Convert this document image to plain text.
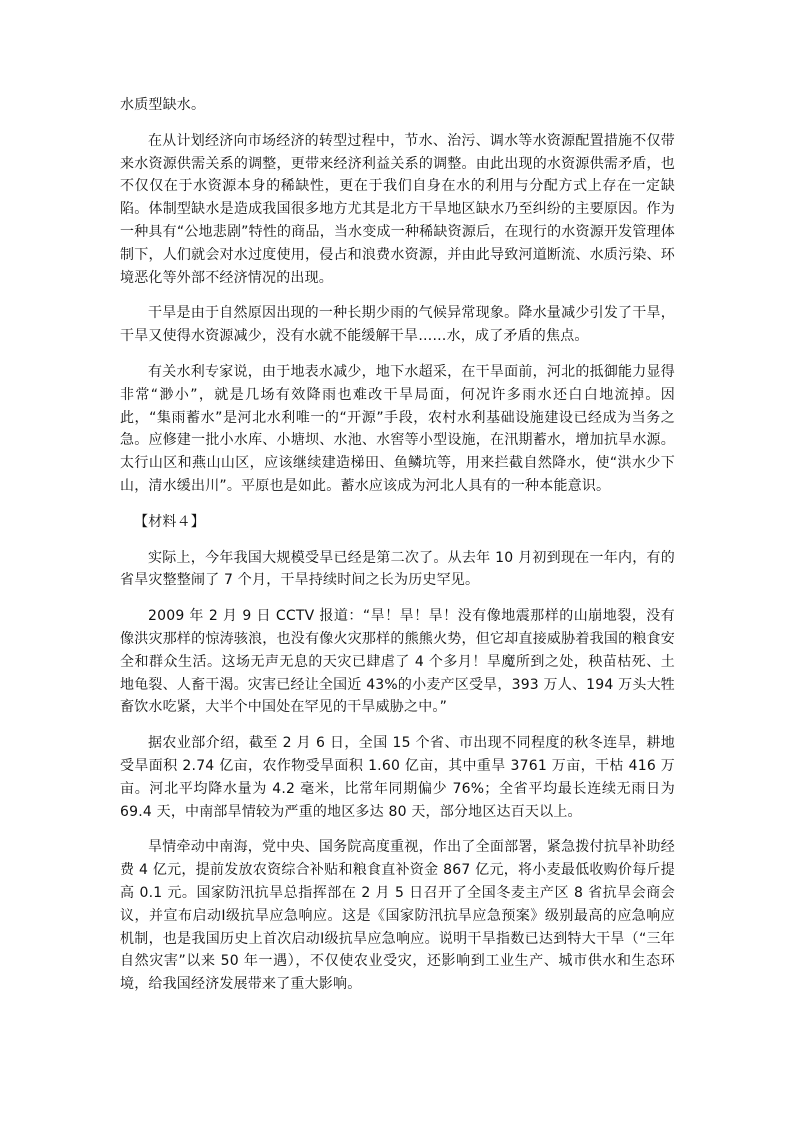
水质型缺水。

在从计划经济向市场经济的转型过程中，节水、治污、调水等水资源配置措施不仅带来水资源供需关系的调整，更带来经济利益关系的调整。由此出现的水资源供需矛盾，也不仅仅在于水资源本身的稀缺性，更在于我们自身在水的利用与分配方式上存在一定缺陷。体制型缺水是造成我国很多地方尤其是北方干旱地区缺水乃至纠纷的主要原因。作为一种具有“公地悲剧”特性的商品，当水变成一种稀缺资源后，在现行的水资源开发管理体制下，人们就会对水过度使用，侵占和浪费水资源，并由此导致河道断流、水质污染、环境恶化等外部不经济情况的出现。

干旱是由于自然原因出现的一种长期少雨的气候异常现象。降水量减少引发了干旱，干旱又使得水资源减少，没有水就不能缓解干旱……水，成了矛盾的焦点。

有关水利专家说，由于地表水减少，地下水超采，在干旱面前，河北的抵御能力显得非常“渺小”，就是几场有效降雨也难改干旱局面，何况许多雨水还白白地流掉。因此，“集雨蓄水”是河北水利唯一的“开源”手段，农村水利基础设施建设已经成为当务之急。应修建一批小水库、小塘坝、水池、水窖等小型设施，在汛期蓄水，增加抗旱水源。太行山区和燕山山区，应该继续建造梯田、鱼鳞坑等，用来拦截自然降水，使“洪水少下山，清水缓出川”。平原也是如此。蓄水应该成为河北人具有的一种本能意识。

【材料４】

实际上，今年我国大规模受旱已经是第二次了。从去年 10 月初到现在一年内，有的省旱灾整整闹了 7 个月，干旱持续时间之长为历史罕见。

2009 年 2 月 9 日 CCTV 报道：“旱！旱！旱！没有像地震那样的山崩地裂，没有像洪灾那样的惊涛骇浪，也没有像火灾那样的熊熊火势，但它却直接威胁着我国的粮食安全和群众生活。这场无声无息的天灾已肆虐了 4 个多月！旱魔所到之处，秧苗枯死、土地龟裂、人畜干渴。灾害已经让全国近 43%的小麦产区受旱，393 万人、194 万头大牲畜饮水吃紧，大半个中国处在罕见的干旱威胁之中。”

据农业部介绍，截至 2 月 6 日，全国 15 个省、市出现不同程度的秋冬连旱，耕地受旱面积 2.74 亿亩，农作物受旱面积 1.60 亿亩，其中重旱 3761 万亩，干枯 416 万亩。河北平均降水量为 4.2 毫米，比常年同期偏少 76%；全省平均最长连续无雨日为 69.4 天，中南部旱情较为严重的地区多达 80 天，部分地区达百天以上。

旱情牵动中南海，党中央、国务院高度重视，作出了全面部署，紧急拨付抗旱补助经费 4 亿元，提前发放农资综合补贴和粮食直补资金 867 亿元，将小麦最低收购价每斤提高 0.1 元。国家防汛抗旱总指挥部在 2 月 5 日召开了全国冬麦主产区 8 省抗旱会商会议，并宣布启动Ⅰ级抗旱应急响应。这是《国家防汛抗旱应急预案》级别最高的应急响应机制，也是我国历史上首次启动Ⅰ级抗旱应急响应。说明干旱指数已达到特大干旱（“三年自然灾害”以来 50 年一遇），不仅使农业受灾，还影响到工业生产、城市供水和生态环境，给我国经济发展带来了重大影响。
